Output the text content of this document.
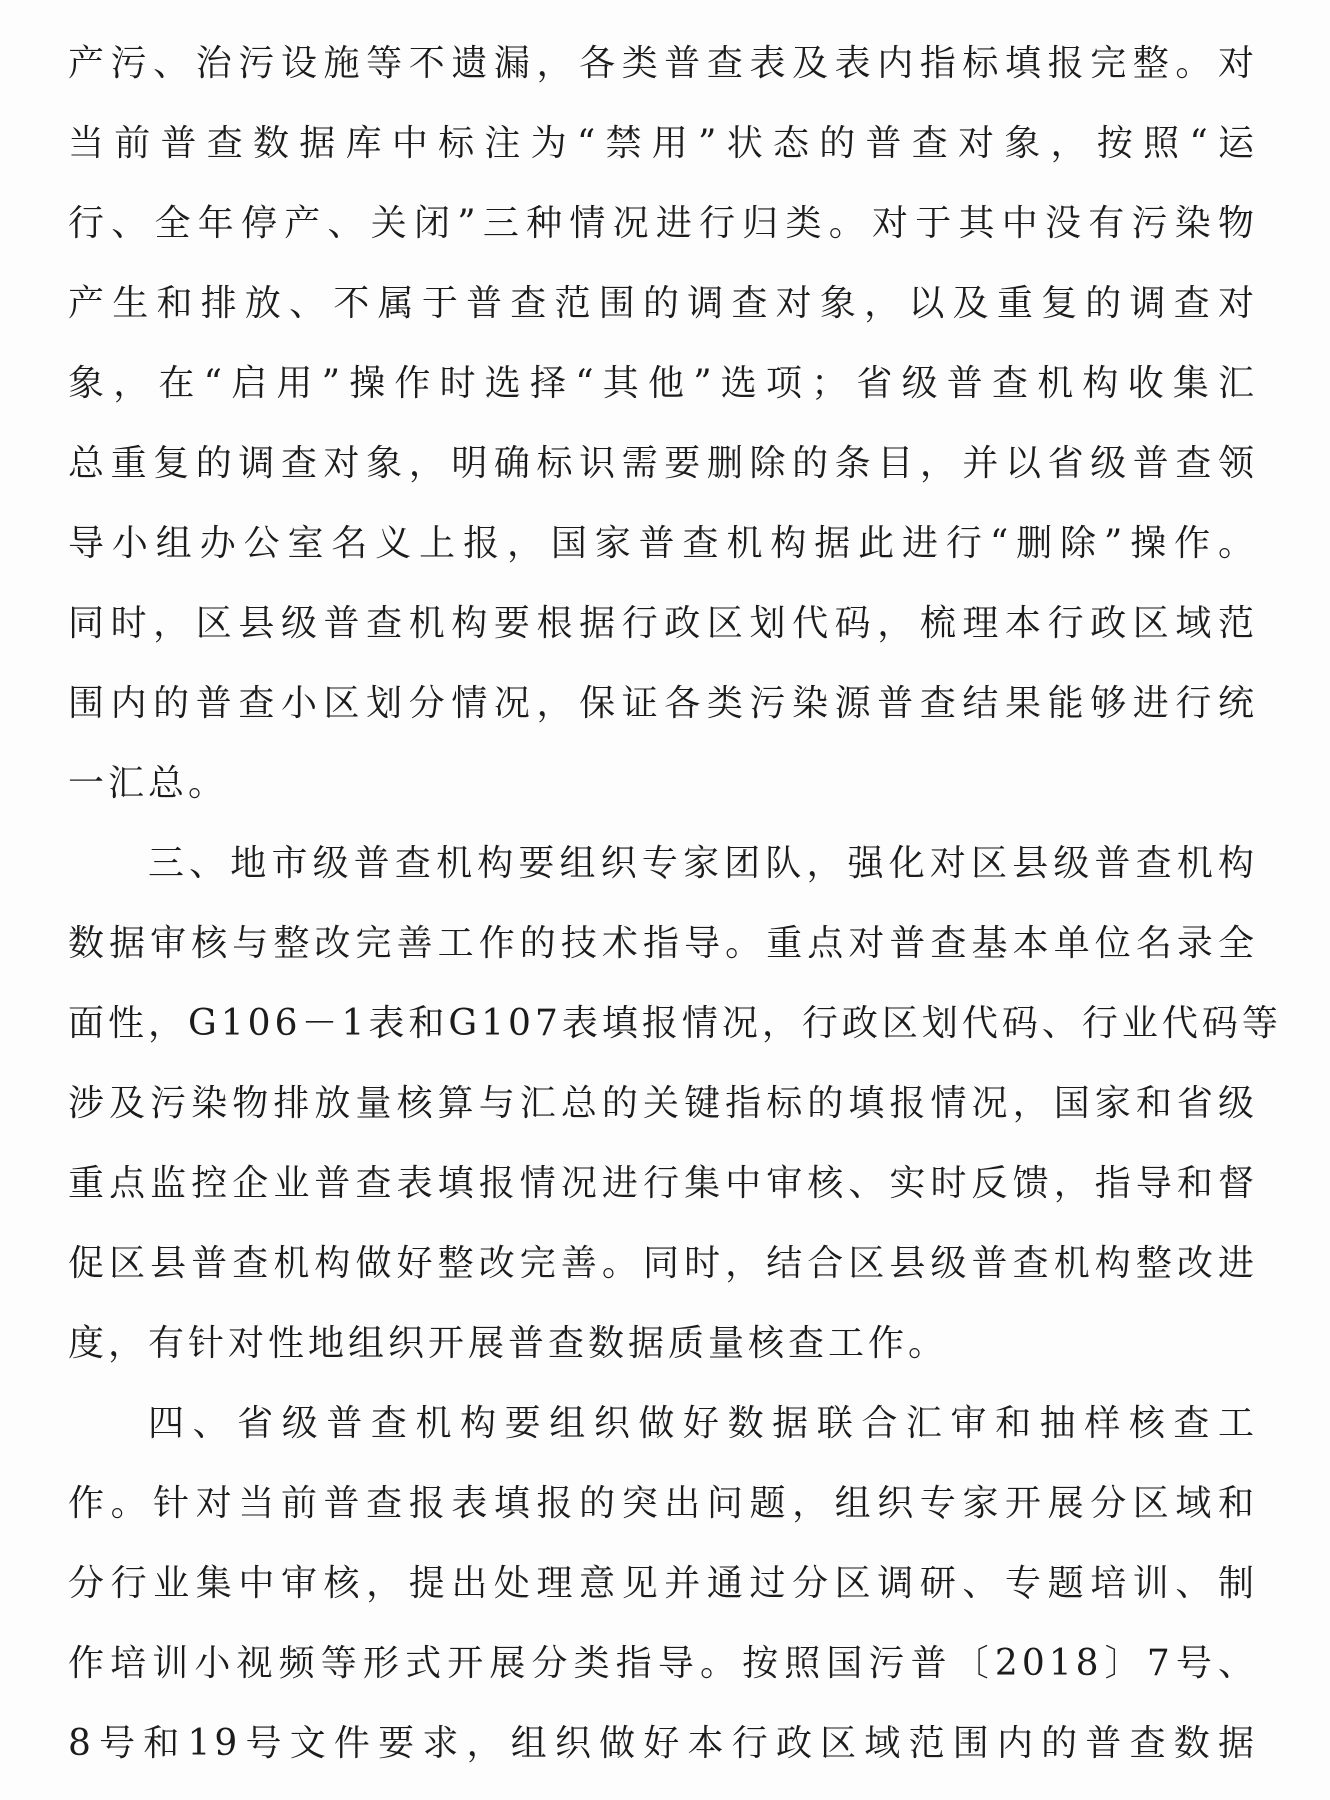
产污、治污设施等不遗漏，各类普查表及表内指标填报完整。对
当前普查数据库中标注为“禁用”状态的普查对象，按照“运
行、全年停产、关闭”三种情况进行归类。对于其中没有污染物
产生和排放、不属于普查范围的调查对象，以及重复的调查对
象，在“启用”操作时选择“其他”选项；省级普查机构收集汇
总重复的调查对象，明确标识需要删除的条目，并以省级普查领
导小组办公室名义上报，国家普查机构据此进行“删除”操作。
同时，区县级普查机构要根据行政区划代码，梳理本行政区域范
围内的普查小区划分情况，保证各类污染源普查结果能够进行统
一汇总。
三、地市级普查机构要组织专家团队，强化对区县级普查机构
数据审核与整改完善工作的技术指导。重点对普查基本单位名录全
面性，G106－1表和G107表填报情况，行政区划代码、行业代码等
涉及污染物排放量核算与汇总的关键指标的填报情况，国家和省级
重点监控企业普查表填报情况进行集中审核、实时反馈，指导和督
促区县普查机构做好整改完善。同时，结合区县级普查机构整改进
度，有针对性地组织开展普查数据质量核查工作。
四、省级普查机构要组织做好数据联合汇审和抽样核查工
作。针对当前普查报表填报的突出问题，组织专家开展分区域和
分行业集中审核，提出处理意见并通过分区调研、专题培训、制
作培训小视频等形式开展分类指导。按照国污普〔2018〕7号、
8号和19号文件要求，组织做好本行政区域范围内的普查数据
